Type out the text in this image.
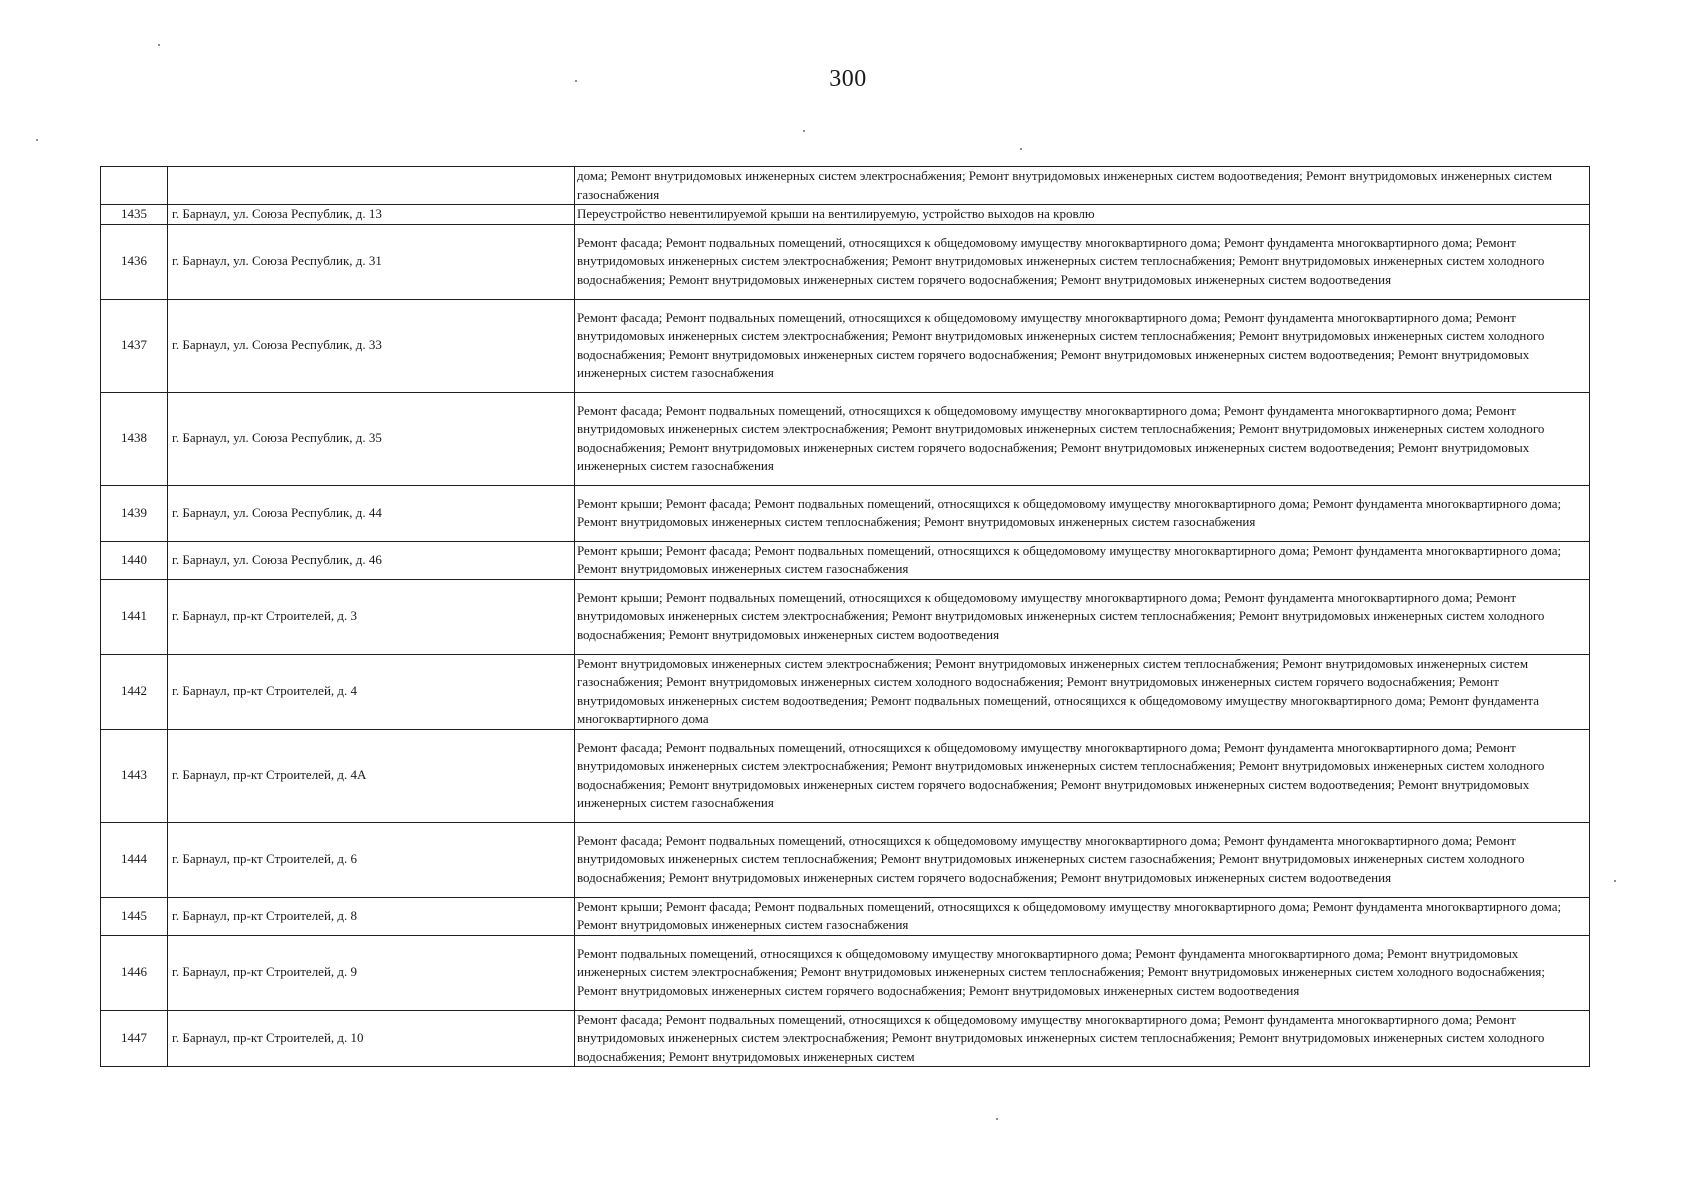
300
		дома; Ремонт внутридомовых инженерных систем электроснабжения; Ремонт внутридомовых инженерных систем водоотведения; Ремонт внутридомовых инженерных систем газоснабжения
1435	г. Барнаул, ул. Союза Республик, д. 13	Переустройство невентилируемой крыши на вентилируемую, устройство выходов на кровлю
1436	г. Барнаул, ул. Союза Республик, д. 31	Ремонт фасада; Ремонт подвальных помещений, относящихся к общедомовому имуществу многоквартирного дома; Ремонт фундамента многоквартирного дома; Ремонт внутридомовых инженерных систем электроснабжения; Ремонт внутридомовых инженерных систем теплоснабжения; Ремонт внутридомовых инженерных систем холодного водоснабжения; Ремонт внутридомовых инженерных систем горячего водоснабжения; Ремонт внутридомовых инженерных систем водоотведения
1437	г. Барнаул, ул. Союза Республик, д. 33	Ремонт фасада; Ремонт подвальных помещений, относящихся к общедомовому имуществу многоквартирного дома; Ремонт фундамента многоквартирного дома; Ремонт внутридомовых инженерных систем электроснабжения; Ремонт внутридомовых инженерных систем теплоснабжения; Ремонт внутридомовых инженерных систем холодного водоснабжения; Ремонт внутридомовых инженерных систем горячего водоснабжения; Ремонт внутридомовых инженерных систем водоотведения; Ремонт внутридомовых инженерных систем газоснабжения
1438	г. Барнаул, ул. Союза Республик, д. 35	Ремонт фасада; Ремонт подвальных помещений, относящихся к общедомовому имуществу многоквартирного дома; Ремонт фундамента многоквартирного дома; Ремонт внутридомовых инженерных систем электроснабжения; Ремонт внутридомовых инженерных систем теплоснабжения; Ремонт внутридомовых инженерных систем холодного водоснабжения; Ремонт внутридомовых инженерных систем горячего водоснабжения; Ремонт внутридомовых инженерных систем водоотведения; Ремонт внутридомовых инженерных систем газоснабжения
1439	г. Барнаул, ул. Союза Республик, д. 44	Ремонт крыши; Ремонт фасада; Ремонт подвальных помещений, относящихся к общедомовому имуществу многоквартирного дома; Ремонт фундамента многоквартирного дома; Ремонт внутридомовых инженерных систем теплоснабжения; Ремонт внутридомовых инженерных систем газоснабжения
1440	г. Барнаул, ул. Союза Республик, д. 46	Ремонт крыши; Ремонт фасада; Ремонт подвальных помещений, относящихся к общедомовому имуществу многоквартирного дома; Ремонт фундамента многоквартирного дома; Ремонт внутридомовых инженерных систем газоснабжения
1441	г. Барнаул, пр-кт Строителей, д. 3	Ремонт крыши; Ремонт подвальных помещений, относящихся к общедомовому имуществу многоквартирного дома; Ремонт фундамента многоквартирного дома; Ремонт внутридомовых инженерных систем электроснабжения; Ремонт внутридомовых инженерных систем теплоснабжения; Ремонт внутридомовых инженерных систем холодного водоснабжения; Ремонт внутридомовых инженерных систем водоотведения
1442	г. Барнаул, пр-кт Строителей, д. 4	Ремонт внутридомовых инженерных систем электроснабжения; Ремонт внутридомовых инженерных систем теплоснабжения; Ремонт внутридомовых инженерных систем газоснабжения; Ремонт внутридомовых инженерных систем холодного водоснабжения; Ремонт внутридомовых инженерных систем горячего водоснабжения; Ремонт внутридомовых инженерных систем водоотведения; Ремонт подвальных помещений, относящихся к общедомовому имуществу многоквартирного дома; Ремонт фундамента многоквартирного дома
1443	г. Барнаул, пр-кт Строителей, д. 4А	Ремонт фасада; Ремонт подвальных помещений, относящихся к общедомовому имуществу многоквартирного дома; Ремонт фундамента многоквартирного дома; Ремонт внутридомовых инженерных систем электроснабжения; Ремонт внутридомовых инженерных систем теплоснабжения; Ремонт внутридомовых инженерных систем холодного водоснабжения; Ремонт внутридомовых инженерных систем горячего водоснабжения; Ремонт внутридомовых инженерных систем водоотведения; Ремонт внутридомовых инженерных систем газоснабжения
1444	г. Барнаул, пр-кт Строителей, д. 6	Ремонт фасада; Ремонт подвальных помещений, относящихся к общедомовому имуществу многоквартирного дома; Ремонт фундамента многоквартирного дома; Ремонт внутридомовых инженерных систем теплоснабжения; Ремонт внутридомовых инженерных систем газоснабжения; Ремонт внутридомовых инженерных систем холодного водоснабжения; Ремонт внутридомовых инженерных систем горячего водоснабжения; Ремонт внутридомовых инженерных систем водоотведения
1445	г. Барнаул, пр-кт Строителей, д. 8	Ремонт крыши; Ремонт фасада; Ремонт подвальных помещений, относящихся к общедомовому имуществу многоквартирного дома; Ремонт фундамента многоквартирного дома; Ремонт внутридомовых инженерных систем газоснабжения
1446	г. Барнаул, пр-кт Строителей, д. 9	Ремонт подвальных помещений, относящихся к общедомовому имуществу многоквартирного дома; Ремонт фундамента многоквартирного дома; Ремонт внутридомовых инженерных систем электроснабжения; Ремонт внутридомовых инженерных систем теплоснабжения; Ремонт внутридомовых инженерных систем холодного водоснабжения; Ремонт внутридомовых инженерных систем горячего водоснабжения; Ремонт внутридомовых инженерных систем водоотведения
1447	г. Барнаул, пр-кт Строителей, д. 10	Ремонт фасада; Ремонт подвальных помещений, относящихся к общедомовому имуществу многоквартирного дома; Ремонт фундамента многоквартирного дома; Ремонт внутридомовых инженерных систем электроснабжения; Ремонт внутридомовых инженерных систем теплоснабжения; Ремонт внутридомовых инженерных систем холодного водоснабжения; Ремонт внутридомовых инженерных систем
